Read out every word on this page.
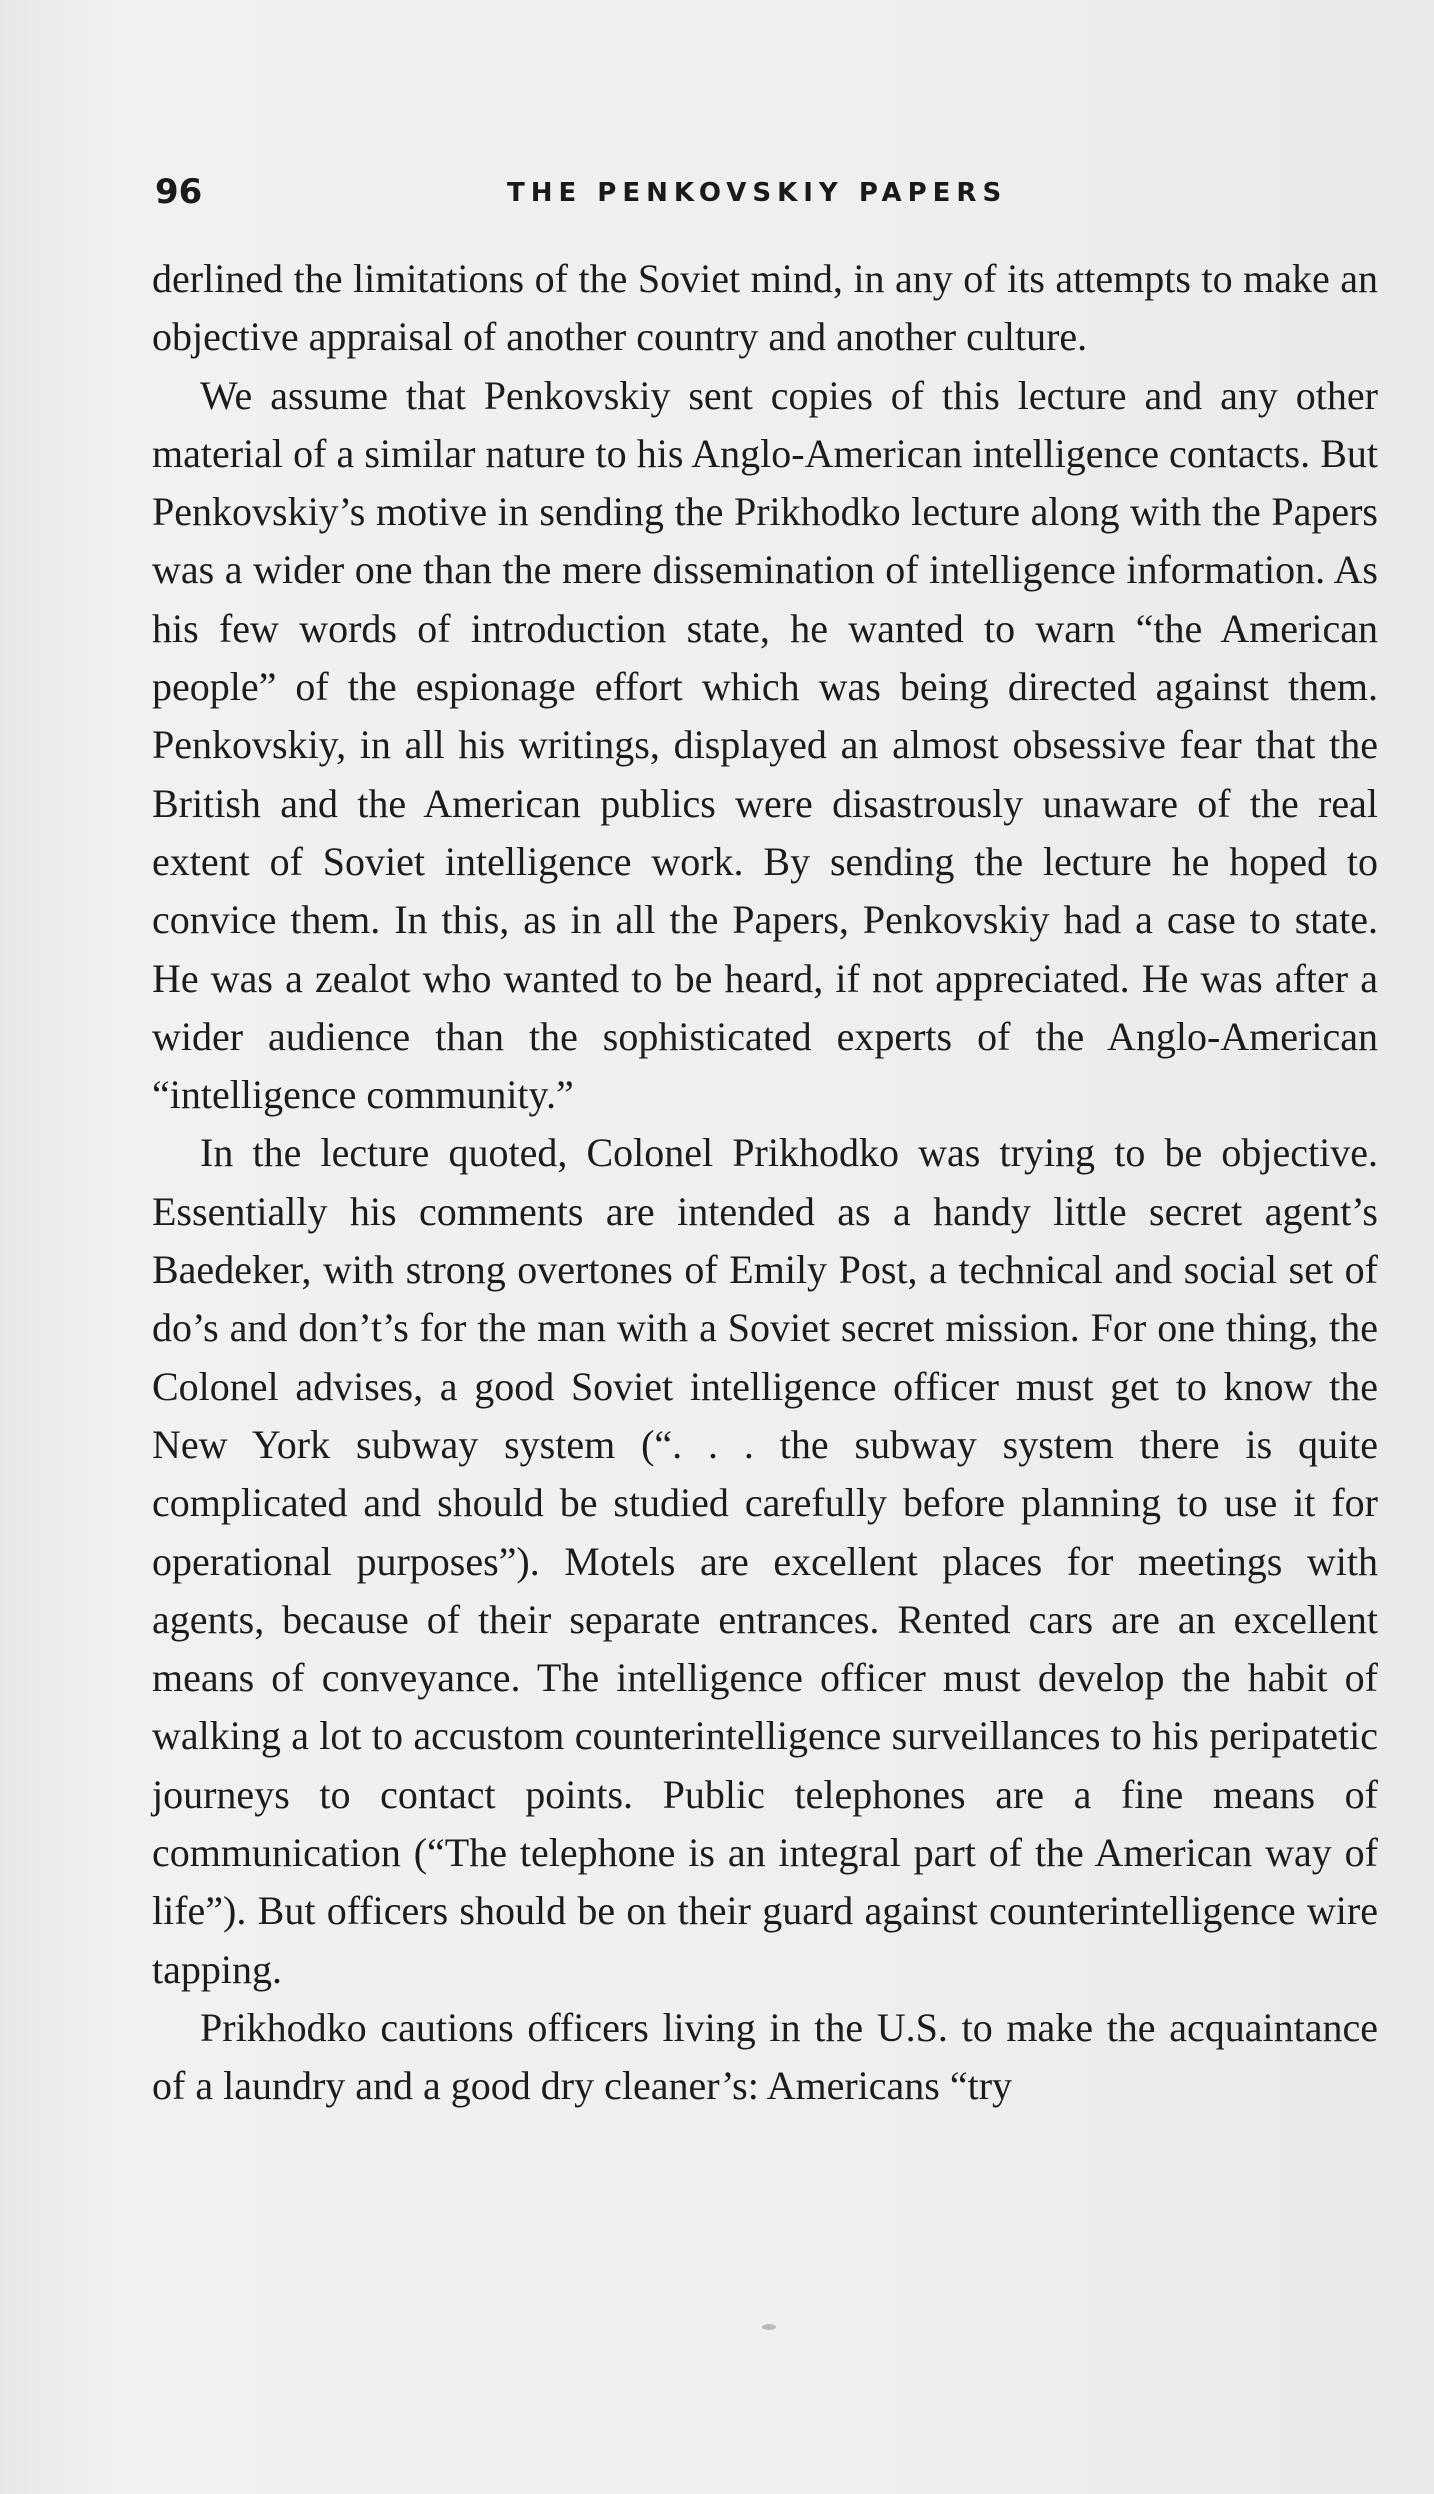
96	THE PENKOVSKIY PAPERS

derlined the limitations of the Soviet mind, in any of its attempts to make an objective appraisal of another country and another culture.

We assume that Penkovskiy sent copies of this lecture and any other material of a similar nature to his Anglo-American intelligence contacts. But Penkovskiy’s motive in sending the Prikhodko lecture along with the Papers was a wider one than the mere dissemination of intelligence information. As his few words of introduction state, he wanted to warn “the American people” of the espionage effort which was being directed against them. Penkovskiy, in all his writings, displayed an almost obsessive fear that the British and the American publics were disastrously unaware of the real extent of Soviet intelligence work. By sending the lecture he hoped to convice them. In this, as in all the Papers, Penkovskiy had a case to state. He was a zealot who wanted to be heard, if not appreciated. He was after a wider audience than the sophisticated experts of the Anglo-American “intelligence community.”

In the lecture quoted, Colonel Prikhodko was trying to be objective. Essentially his comments are intended as a handy little secret agent’s Baedeker, with strong overtones of Emily Post, a technical and social set of do’s and don’t’s for the man with a Soviet secret mission. For one thing, the Colonel advises, a good Soviet intelligence officer must get to know the New York subway system (“. . . the subway system there is quite complicated and should be studied carefully before planning to use it for operational purposes”). Motels are excellent places for meetings with agents, because of their separate entrances. Rented cars are an excellent means of conveyance. The intelligence officer must develop the habit of walking a lot to accustom counterintelligence surveillances to his peripatetic journeys to contact points. Public telephones are a fine means of communication (“The telephone is an integral part of the American way of life”). But officers should be on their guard against counterintelligence wire tapping.

Prikhodko cautions officers living in the U.S. to make the acquaintance of a laundry and a good dry cleaner’s: Americans “try
